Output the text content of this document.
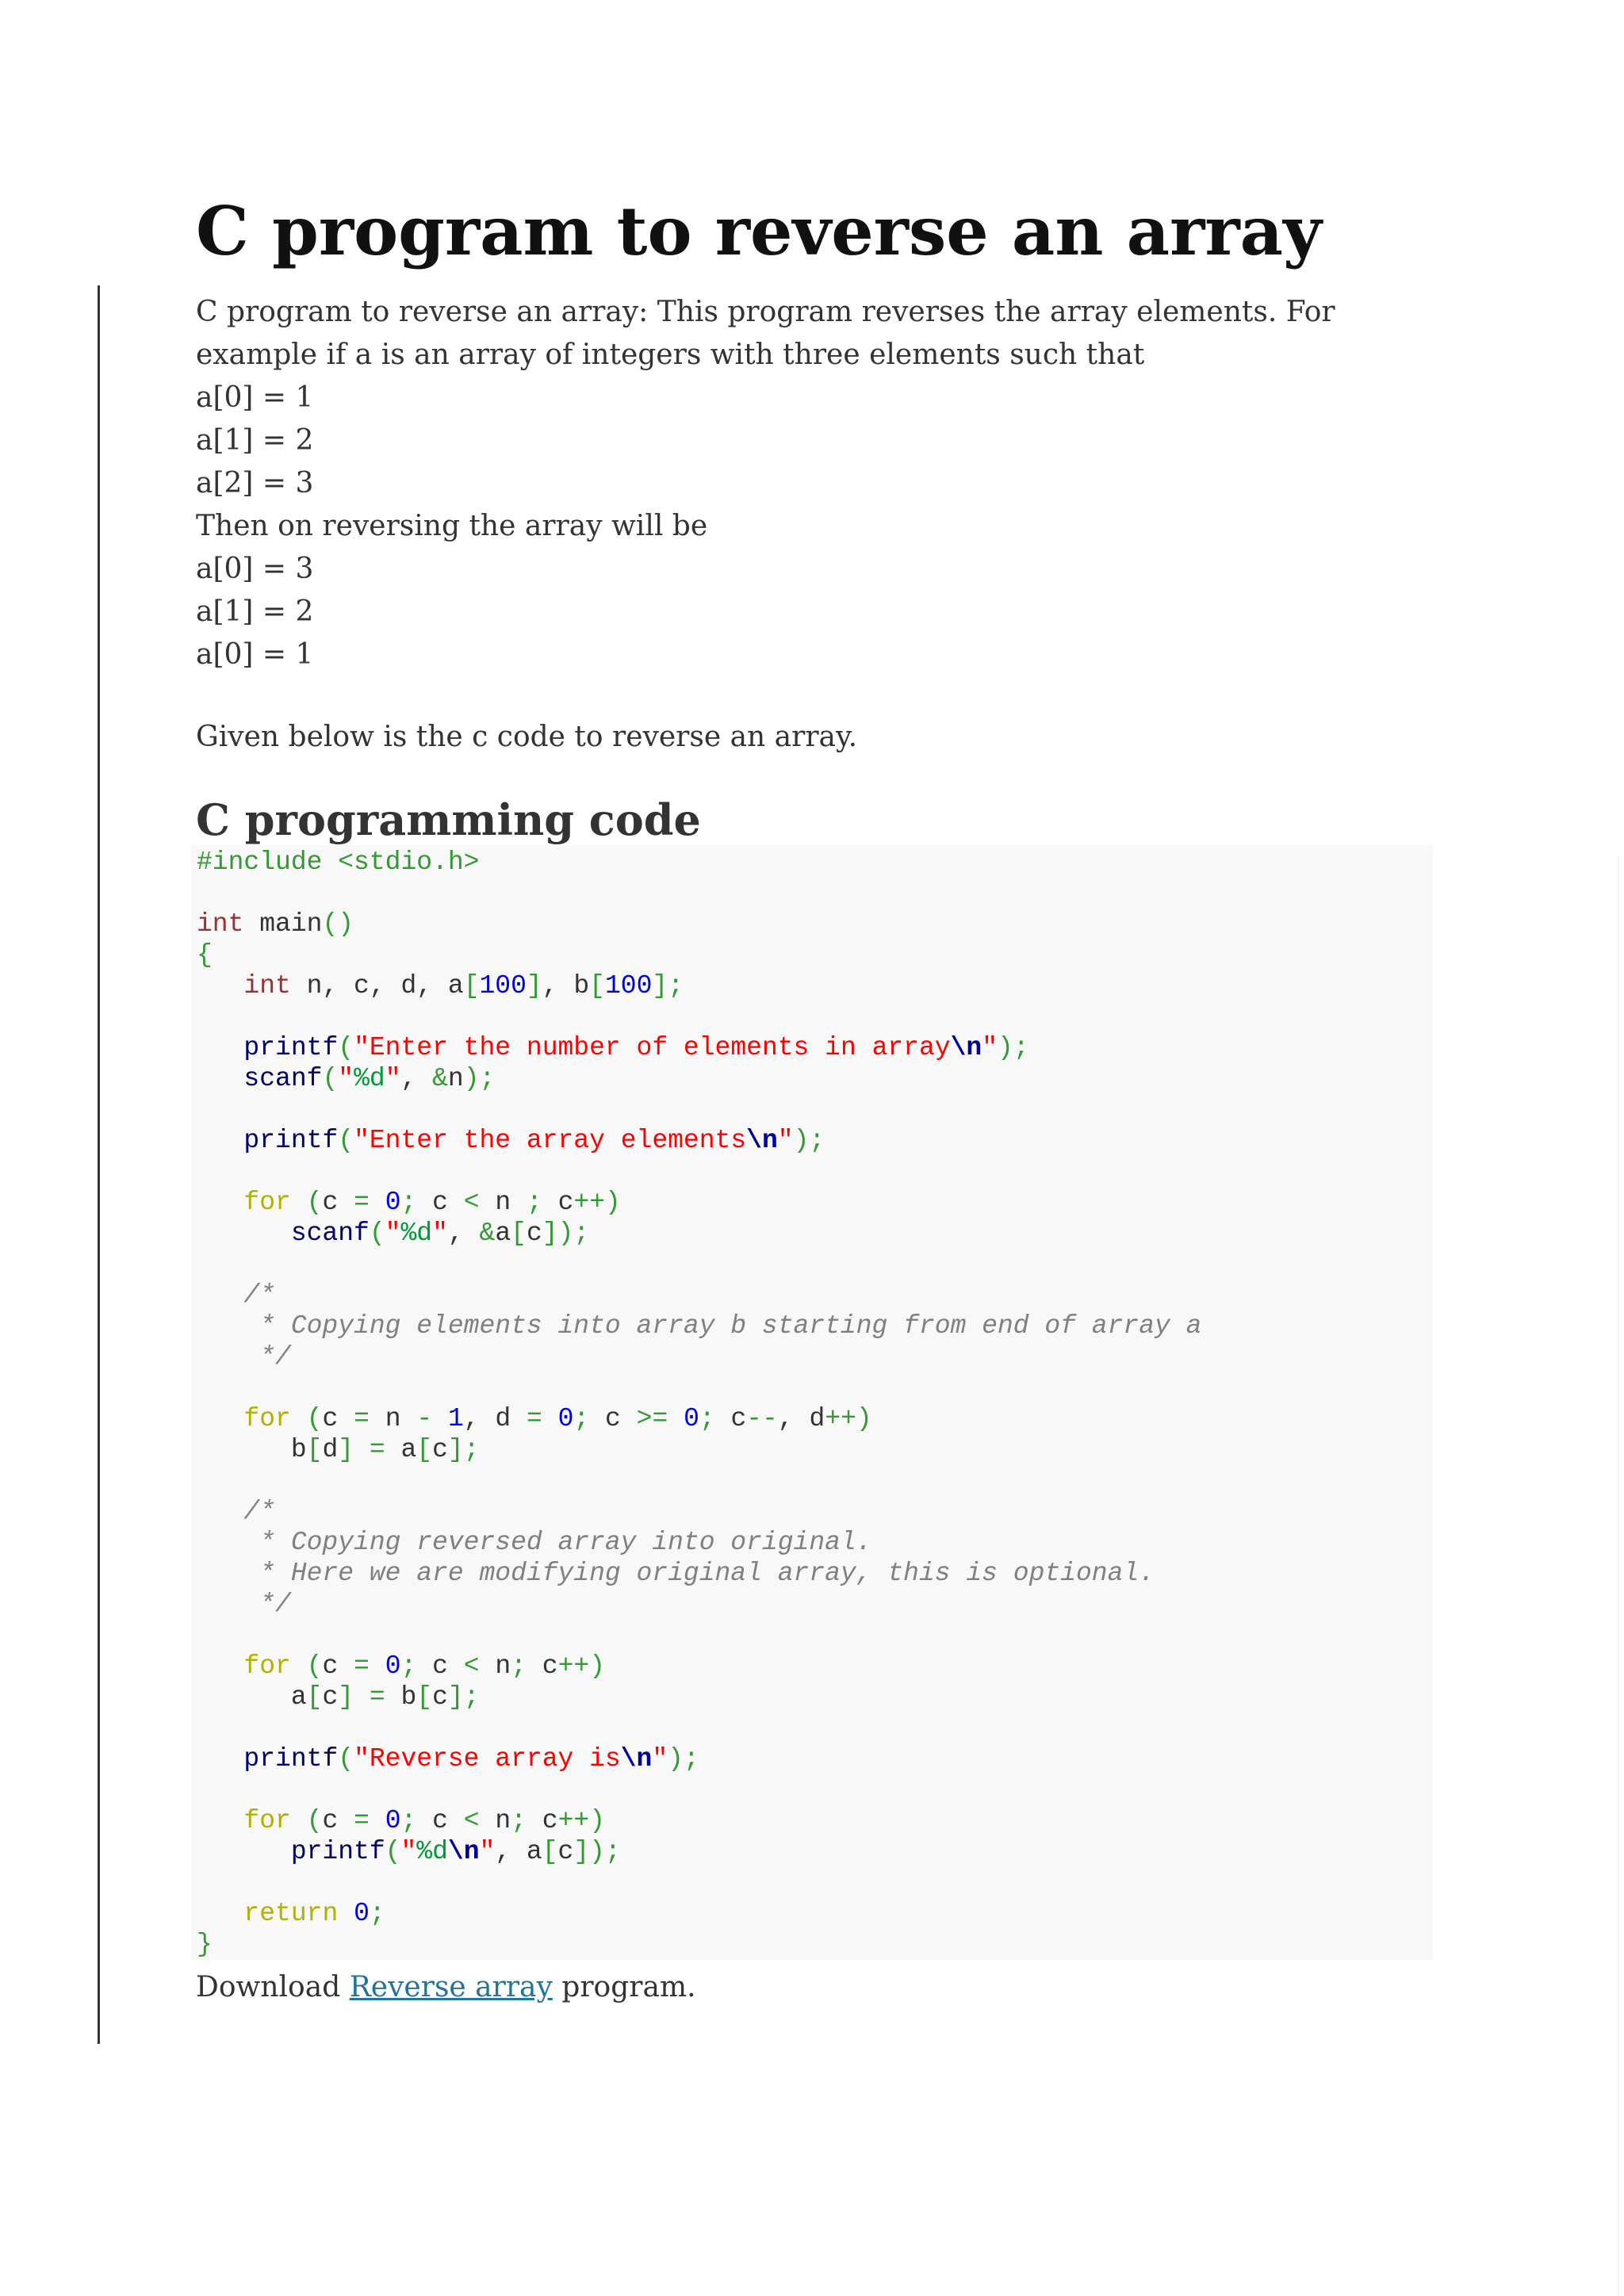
C program to reverse an array

C program to reverse an array: This program reverses the array elements. For example if a is an array of integers with three elements such that

a[0] = 1

a[1] = 2

a[2] = 3

Then on reversing the array will be

a[0] = 3

a[1] = 2

a[0] = 1

Given below is the c code to reverse an array.

C programming code
#include <stdio.h>

int main()
{
int n, c, d, a[100], b[100];

printf("Enter the number of elements in array\n");
scanf("%d", &n);

printf("Enter the array elements\n");

for (c = 0; c < n ; c++)
scanf("%d", &a[c]);

/*
* Copying elements into array b starting from end of array a
*/

for (c = n - 1, d = 0; c >= 0; c--, d++)
b[d] = a[c];

/*
* Copying reversed array into original.
* Here we are modifying original array, this is optional.
*/

for (c = 0; c < n; c++)
a[c] = b[c];

printf("Reverse array is\n");

for (c = 0; c < n; c++)
printf("%d\n", a[c]);

return 0;
}

Download Reverse array program.
